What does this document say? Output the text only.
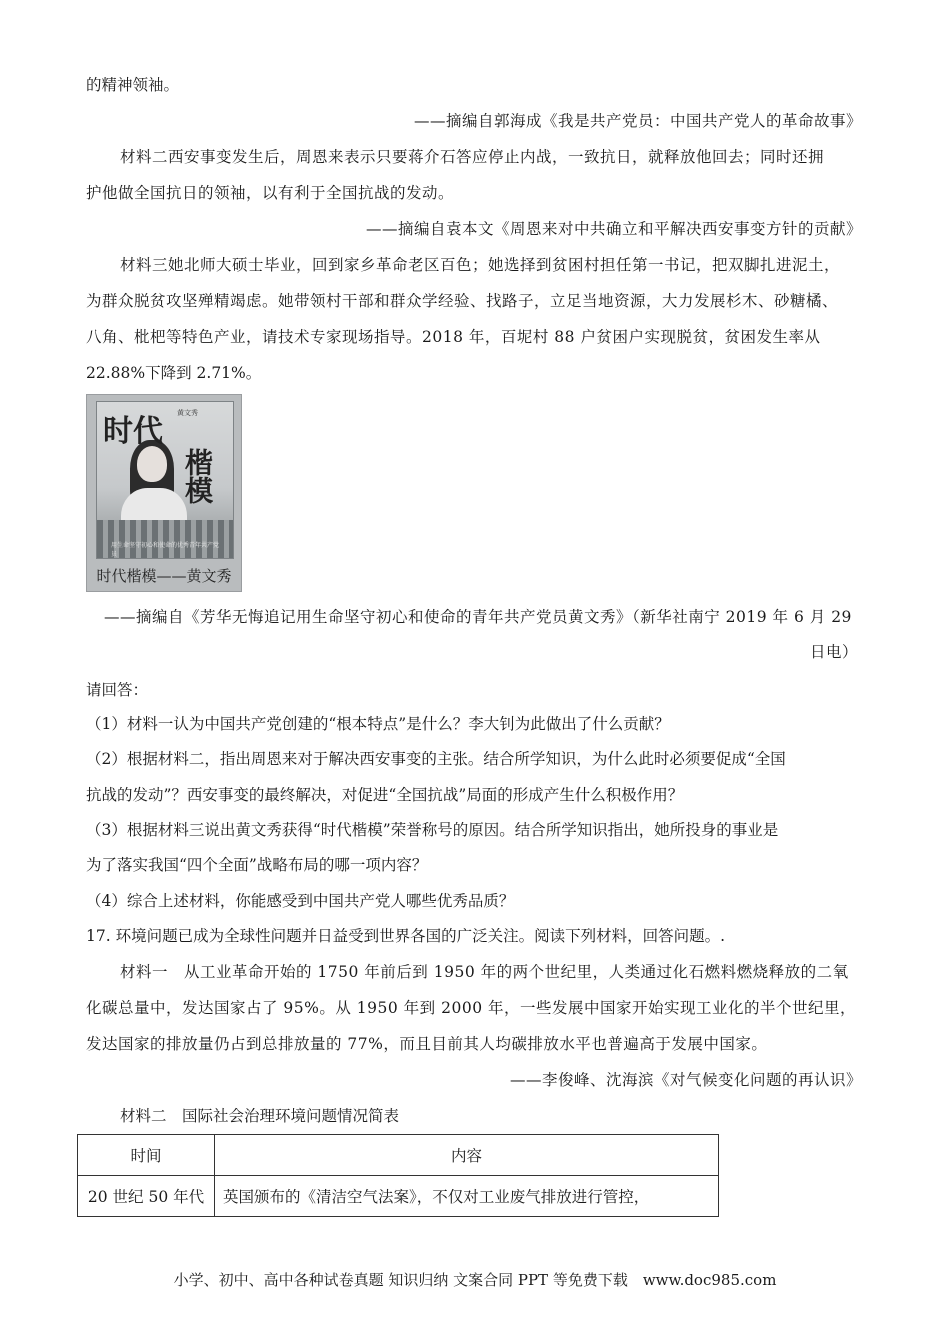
的精神领袖。
——摘编自郭海成《我是共产党员：中国共产党人的革命故事》
材料二西安事变发生后，周恩来表示只要蒋介石答应停止内战，一致抗日，就释放他回去；同时还拥
护他做全国抗日的领袖，以有利于全国抗战的发动。
——摘编自袁本文《周恩来对中共确立和平解决西安事变方针的贡献》
材料三她北师大硕士毕业，回到家乡革命老区百色；她选择到贫困村担任第一书记，把双脚扎进泥土，
为群众脱贫攻坚殚精竭虑。她带领村干部和群众学经验、找路子，立足当地资源，大力发展杉木、砂糖橘、
八角、枇杷等特色产业，请技术专家现场指导。2018 年，百坭村 88 户贫困户实现脱贫，贫困发生率从
22.88%下降到 2.71%。
时代
楷模
黄文秀
用生命坚守初心和使命的优秀青年共产党员
时代楷模——黄文秀
——摘编自《芳华无悔追记用生命坚守初心和使命的青年共产党员黄文秀》（新华社南宁 2019 年 6 月 29
日电）
请回答：
（1）材料一认为中国共产党创建的“根本特点”是什么？李大钊为此做出了什么贡献？
（2）根据材料二，指出周恩来对于解决西安事变的主张。结合所学知识，为什么此时必须要促成“全国
抗战的发动”？西安事变的最终解决，对促进“全国抗战”局面的形成产生什么积极作用？
（3）根据材料三说出黄文秀获得“时代楷模”荣誉称号的原因。结合所学知识指出，她所投身的事业是
为了落实我国“四个全面”战略布局的哪一项内容？
（4）综合上述材料，你能感受到中国共产党人哪些优秀品质？
17. 环境问题已成为全球性问题并日益受到世界各国的广泛关注。阅读下列材料，回答问题。.
材料一　从工业革命开始的 1750 年前后到 1950 年的两个世纪里，人类通过化石燃料燃烧释放的二氧
化碳总量中，发达国家占了 95%。从 1950 年到 2000 年，一些发展中国家开始实现工业化的半个世纪里，
发达国家的排放量仍占到总排放量的 77%，而且目前其人均碳排放水平也普遍高于发展中国家。
——李俊峰、沈海滨《对气候变化问题的再认识》
材料二　国际社会治理环境问题情况简表
时间	内容
20 世纪 50 年代	英国颁布的《清洁空气法案》，不仅对工业废气排放进行管控，
小学、初中、高中各种试卷真题 知识归纳 文案合同 PPT 等免费下载　www.doc985.com
